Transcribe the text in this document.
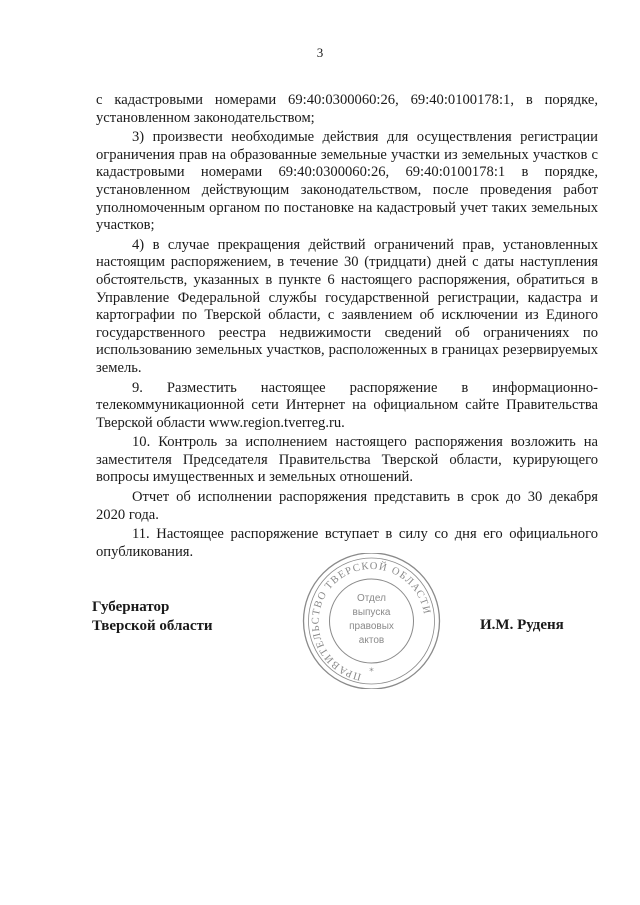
3

с кадастровыми номерами 69:40:0300060:26, 69:40:0100178:1, в порядке, установленном законодательством;

3) произвести необходимые действия для осуществления регистрации ограничения прав на образованные земельные участки из земельных участков с кадастровыми номерами 69:40:0300060:26, 69:40:0100178:1 в порядке, установленном действующим законодательством, после проведения работ уполномоченным органом по постановке на кадастровый учет таких земельных участков;

4) в случае прекращения действий ограничений прав, установленных настоящим распоряжением, в течение 30 (тридцати) дней с даты наступления обстоятельств, указанных в пункте 6 настоящего распоряжения, обратиться в Управление Федеральной службы государственной регистрации, кадастра и картографии по Тверской области, с заявлением об исключении из Единого государственного реестра недвижимости сведений об ограничениях по использованию земельных участков, расположенных в границах резервируемых земель.

9. Разместить настоящее распоряжение в информационно-телекоммуникационной сети Интернет на официальном сайте Правительства Тверской области www.region.tverreg.ru.

10. Контроль за исполнением настоящего распоряжения возложить на заместителя Председателя Правительства Тверской области, курирующего вопросы имущественных и земельных отношений.

Отчет об исполнении распоряжения представить в срок до 30 декабря 2020 года.

11. Настоящее распоряжение вступает в силу со дня его официального опубликования.

Губернатор
Тверской области
ПРАВИТЕЛЬСТВО ТВЕРСКОЙ ОБЛАСТИ
*
Отдел
выпуска
правовых
актов
И.М. Руденя
